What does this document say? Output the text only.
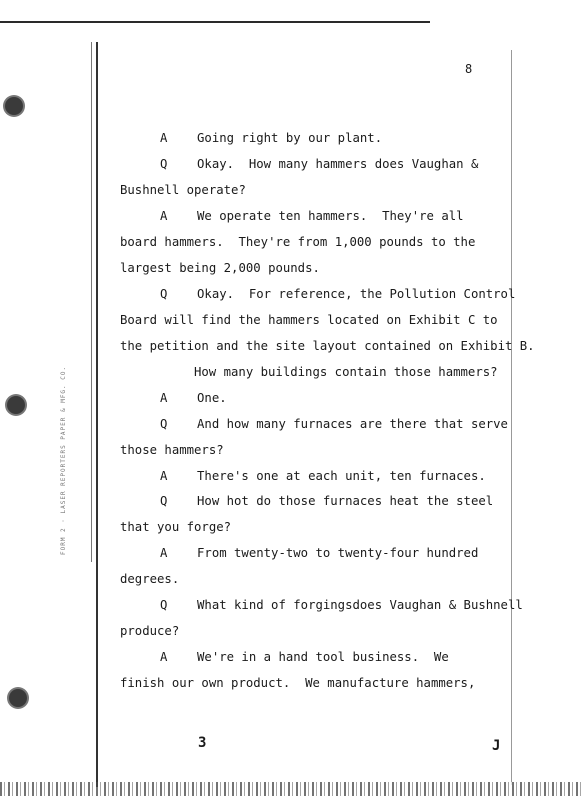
FORM 2 · LASER REPORTERS PAPER & MFG. CO.
8
A    Going right by our plant.
Q    Okay.  How many hammers does Vaughan &
Bushnell operate?
A    We operate ten hammers.  They're all
board hammers.  They're from 1,000 pounds to the
largest being 2,000 pounds.
Q    Okay.  For reference, the Pollution Control
Board will find the hammers located on Exhibit C to
the petition and the site layout contained on Exhibit B.
How many buildings contain those hammers?
A    One.
Q    And how many furnaces are there that serve
those hammers?
A    There's one at each unit, ten furnaces.
Q    How hot do those furnaces heat the steel
that you forge?
A    From twenty-two to twenty-four hundred
degrees.
Q    What kind of forgingsdoes Vaughan & Bushnell
produce?
A    We're in a hand tool business.  We
finish our own product.  We manufacture hammers,
3	J
